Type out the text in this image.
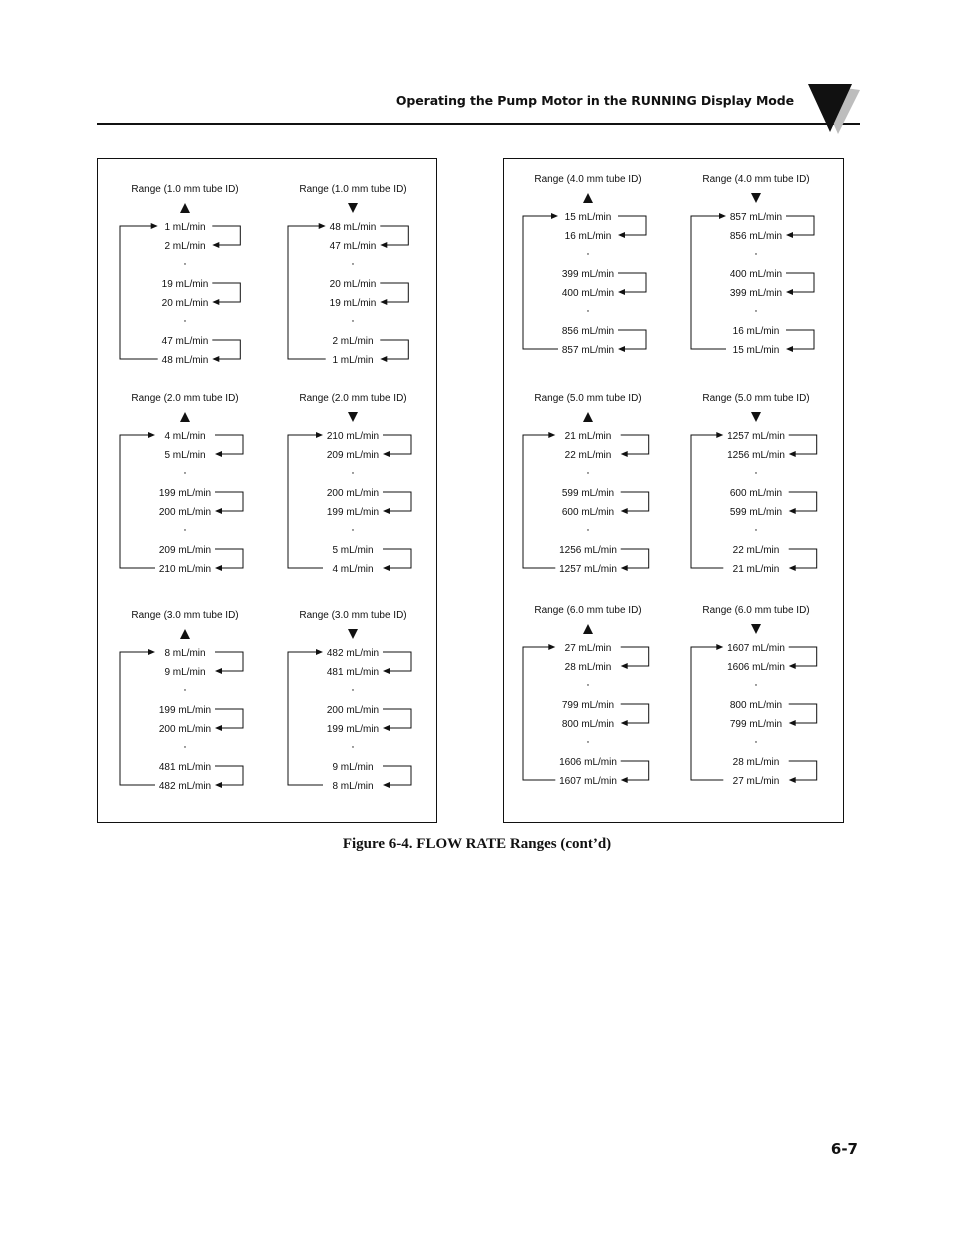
Operating the Pump Motor in the RUNNING Display Mode
Range (1.0 mm tube ID)
1 mL/min
2 mL/min
19 mL/min
20 mL/min
47 mL/min
48 mL/min
Range (1.0 mm tube ID)
48 mL/min
47 mL/min
20 mL/min
19 mL/min
2 mL/min
1 mL/min
Range (2.0 mm tube ID)
4 mL/min
5 mL/min
199 mL/min
200 mL/min
209 mL/min
210 mL/min
Range (2.0 mm tube ID)
210 mL/min
209 mL/min
200 mL/min
199 mL/min
5 mL/min
4 mL/min
Range (3.0 mm tube ID)
8 mL/min
9 mL/min
199 mL/min
200 mL/min
481 mL/min
482 mL/min
Range (3.0 mm tube ID)
482 mL/min
481 mL/min
200 mL/min
199 mL/min
9 mL/min
8 mL/min
Range (4.0 mm tube ID)
15 mL/min
16 mL/min
399 mL/min
400 mL/min
856 mL/min
857 mL/min
Range (4.0 mm tube ID)
857 mL/min
856 mL/min
400 mL/min
399 mL/min
16 mL/min
15 mL/min
Range (5.0 mm tube ID)
21 mL/min
22 mL/min
599 mL/min
600 mL/min
1256 mL/min
1257 mL/min
Range (5.0 mm tube ID)
1257 mL/min
1256 mL/min
600 mL/min
599 mL/min
22 mL/min
21 mL/min
Range (6.0 mm tube ID)
27 mL/min
28 mL/min
799 mL/min
800 mL/min
1606 mL/min
1607 mL/min
Range (6.0 mm tube ID)
1607 mL/min
1606 mL/min
800 mL/min
799 mL/min
28 mL/min
27 mL/min
Figure 6-4. FLOW RATE Ranges (cont’d)
6-7
